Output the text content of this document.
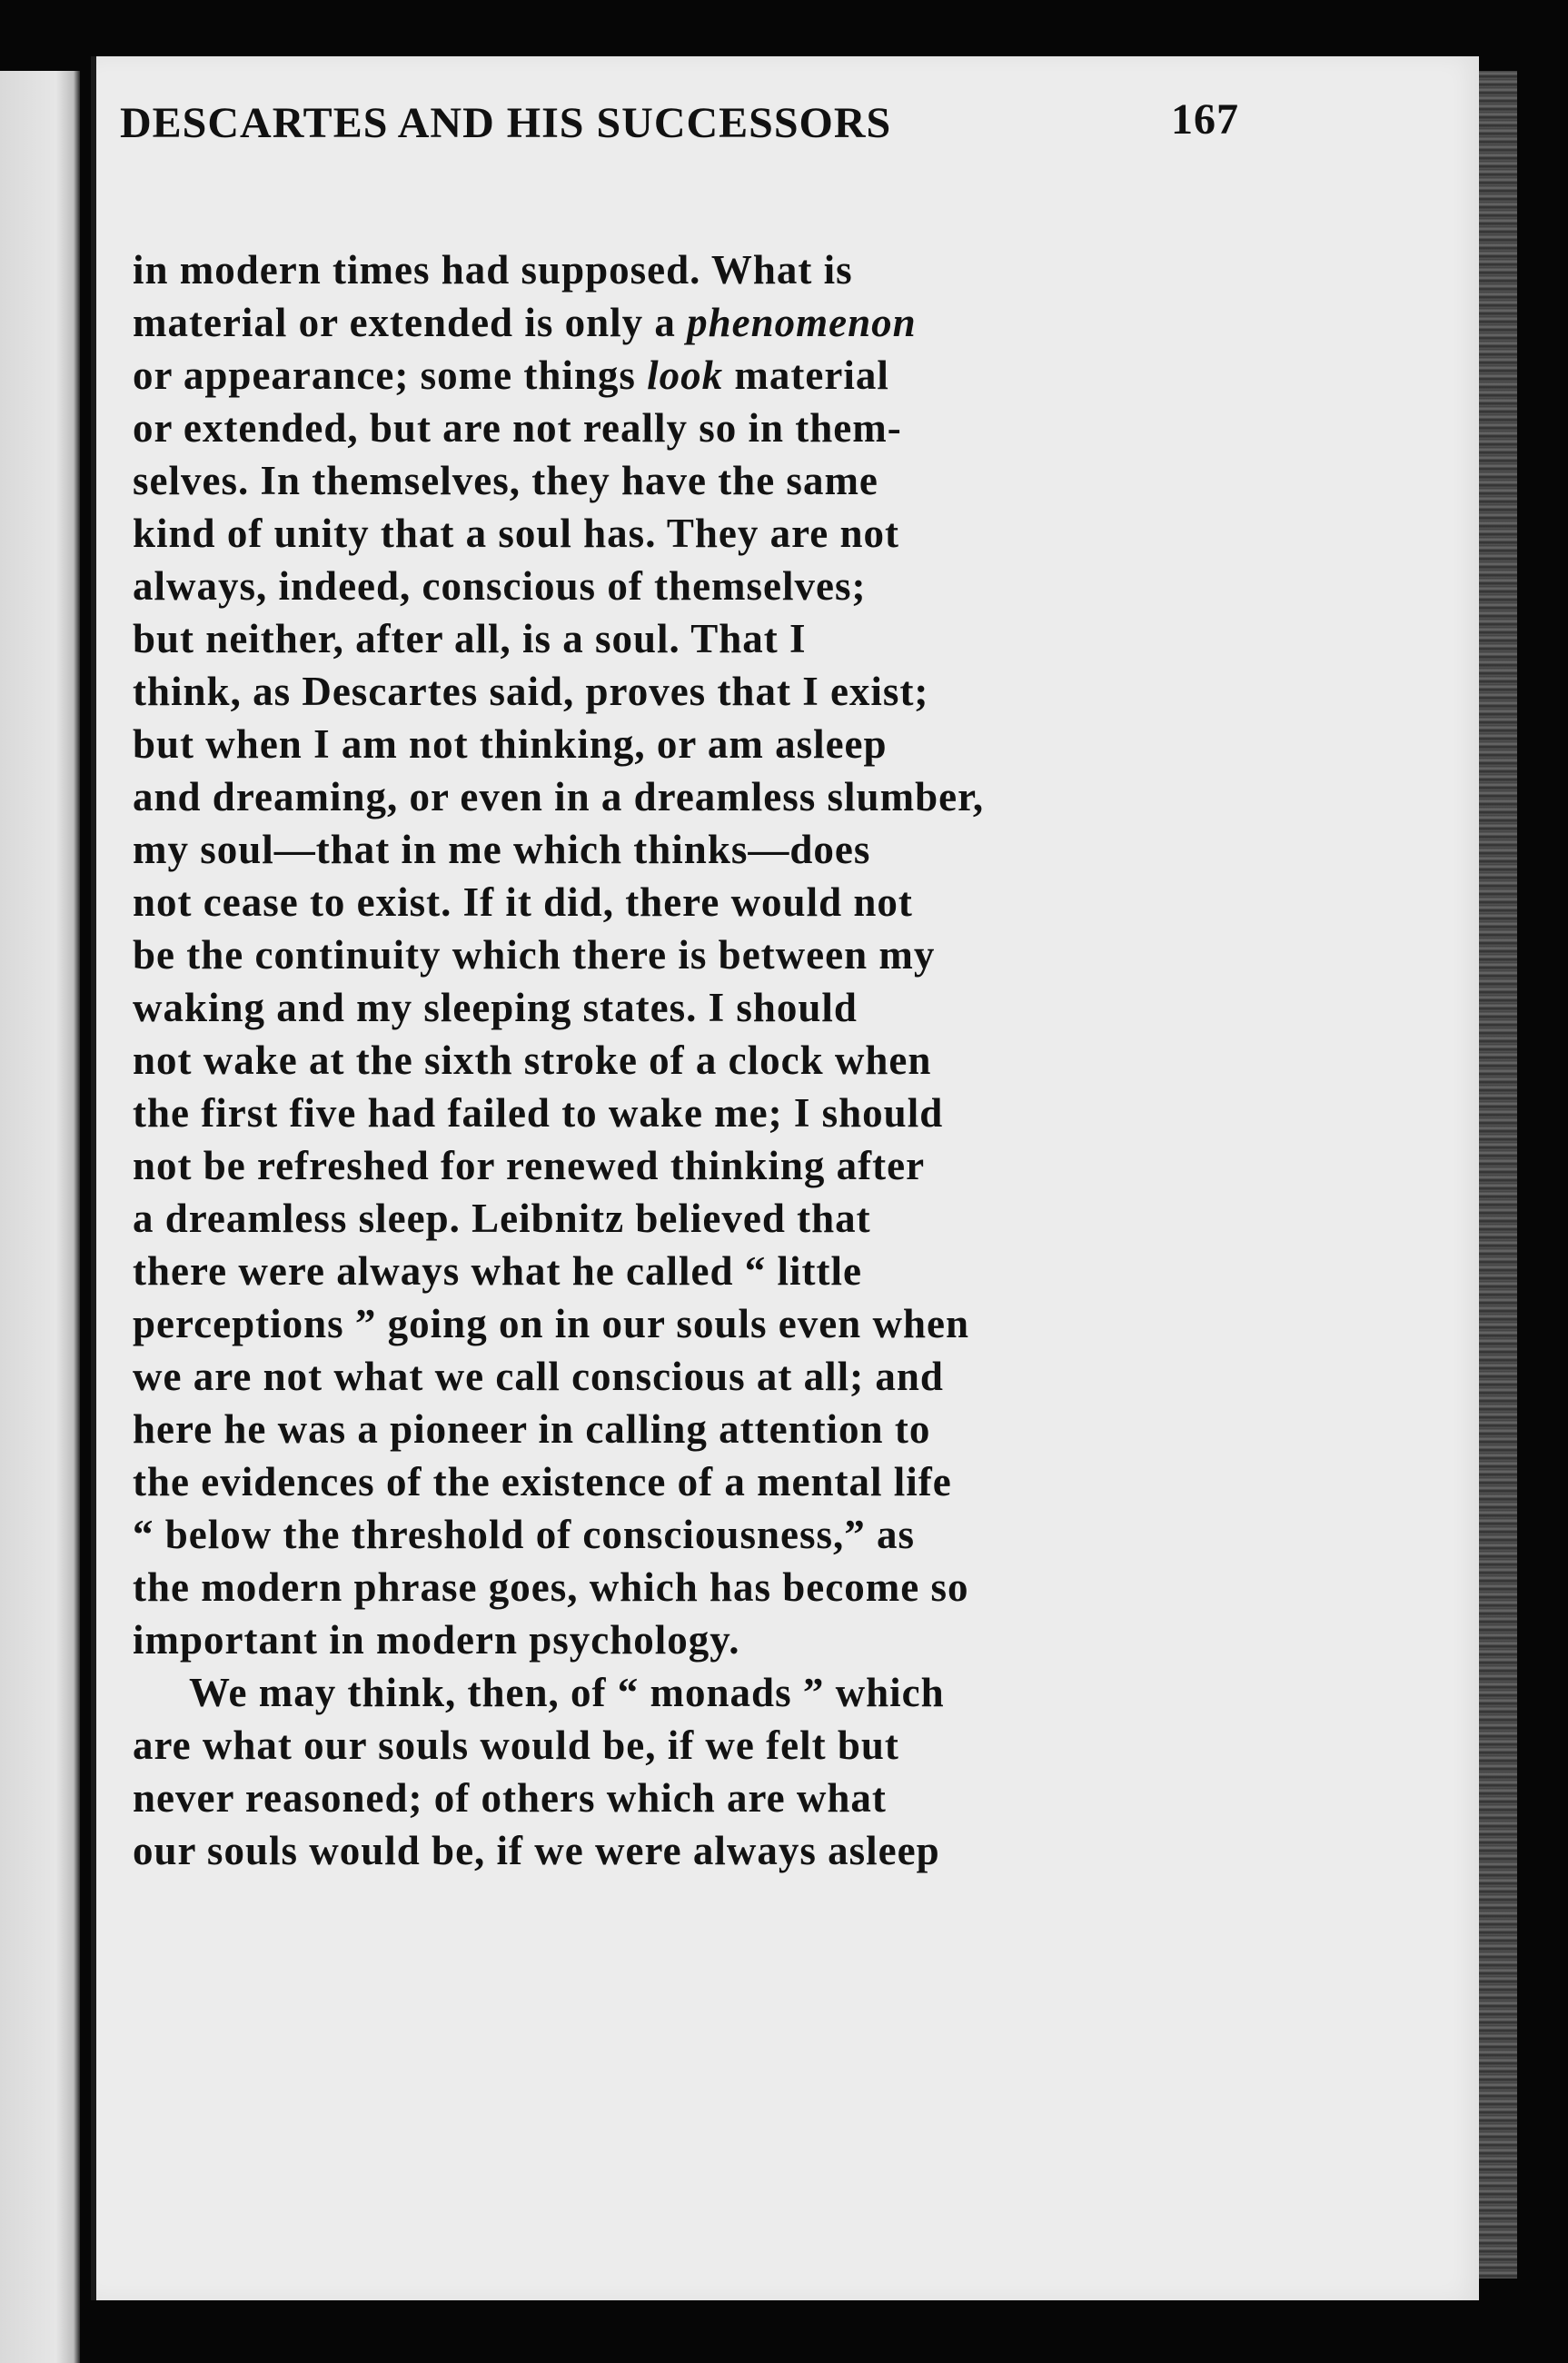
DESCARTES AND HIS SUCCESSORS	167
in modern times had supposed. What is
material or extended is only a phenomenon
or appearance; some things look material
or extended, but are not really so in them-
selves. In themselves, they have the same
kind of unity that a soul has. They are not
always, indeed, conscious of themselves;
but neither, after all, is a soul. That I
think, as Descartes said, proves that I exist;
but when I am not thinking, or am asleep
and dreaming, or even in a dreamless slumber,
my soul—that in me which thinks—does
not cease to exist. If it did, there would not
be the continuity which there is between my
waking and my sleeping states. I should
not wake at the sixth stroke of a clock when
the first five had failed to wake me; I should
not be refreshed for renewed thinking after
a dreamless sleep. Leibnitz believed that
there were always what he called “ little
perceptions ” going on in our souls even when
we are not what we call conscious at all; and
here he was a pioneer in calling attention to
the evidences of the existence of a mental life
“ below the threshold of consciousness,” as
the modern phrase goes, which has become so
important in modern psychology.
We may think, then, of “ monads ” which
are what our souls would be, if we felt but
never reasoned; of others which are what
our souls would be, if we were always asleep
